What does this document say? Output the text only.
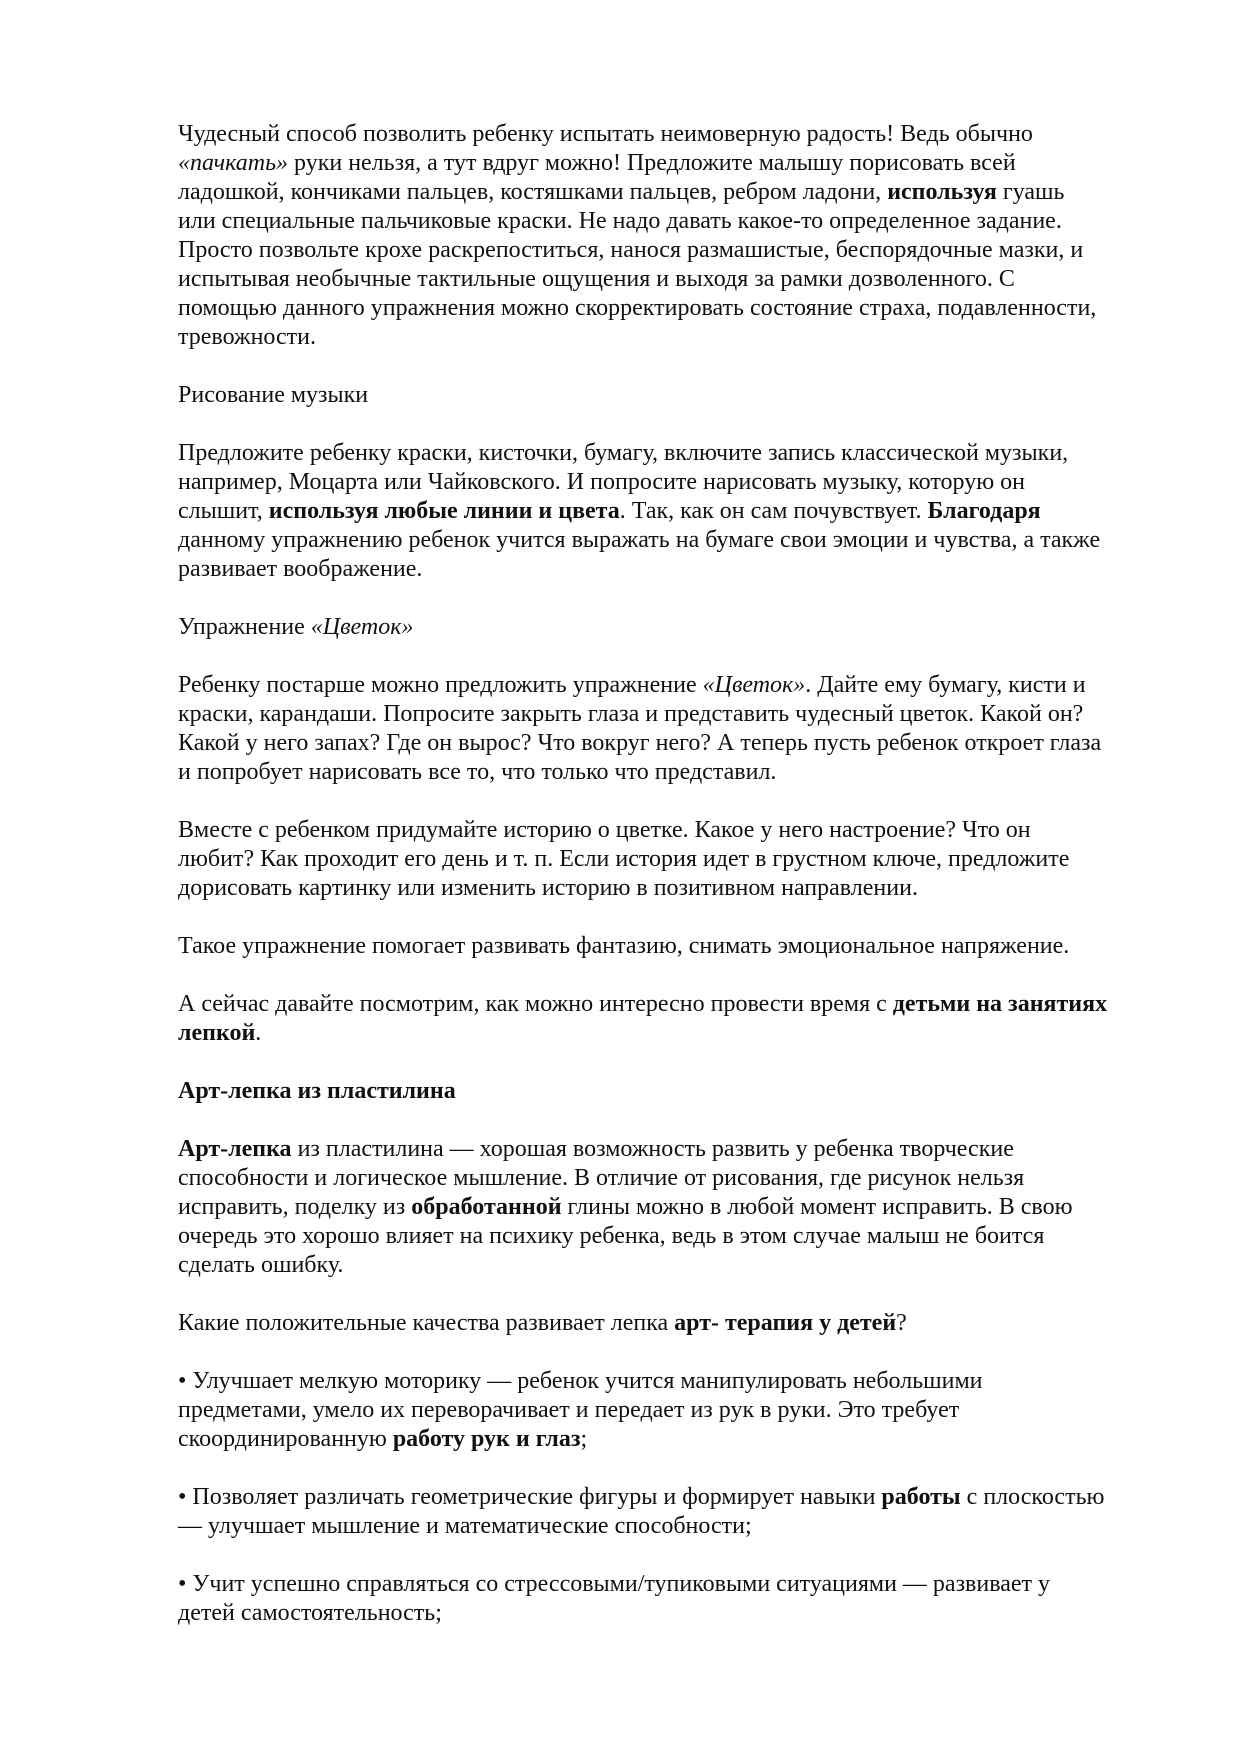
Чудесный способ позволить ребенку испытать неимоверную радость! Ведь обычно
«пачкать» руки нельзя, а тут вдруг можно! Предложите малышу порисовать всей
ладошкой, кончиками пальцев, костяшками пальцев, ребром ладони, используя гуашь
или специальные пальчиковые краски. Не надо давать какое-то определенное задание.
Просто позвольте крохе раскрепоститься, нанося размашистые, беспорядочные мазки, и
испытывая необычные тактильные ощущения и выходя за рамки дозволенного. С
помощью данного упражнения можно скорректировать состояние страха, подавленности,
тревожности.
Рисование музыки
Предложите ребенку краски, кисточки, бумагу, включите запись классической музыки,
например, Моцарта или Чайковского. И попросите нарисовать музыку, которую он
слышит, используя любые линии и цвета. Так, как он сам почувствует. Благодаря
данному упражнению ребенок учится выражать на бумаге свои эмоции и чувства, а также
развивает воображение.
Упражнение «Цветок»
Ребенку постарше можно предложить упражнение «Цветок». Дайте ему бумагу, кисти и
краски, карандаши. Попросите закрыть глаза и представить чудесный цветок. Какой он?
Какой у него запах? Где он вырос? Что вокруг него? А теперь пусть ребенок откроет глаза
и попробует нарисовать все то, что только что представил.
Вместе с ребенком придумайте историю о цветке. Какое у него настроение? Что он
любит? Как проходит его день и т. п. Если история идет в грустном ключе, предложите
дорисовать картинку или изменить историю в позитивном направлении.
Такое упражнение помогает развивать фантазию, снимать эмоциональное напряжение.
А сейчас давайте посмотрим, как можно интересно провести время с детьми на занятиях
лепкой.
Арт-лепка из пластилина
Арт-лепка из пластилина — хорошая возможность развить у ребенка творческие
способности и логическое мышление. В отличие от рисования, где рисунок нельзя
исправить, поделку из обработанной глины можно в любой момент исправить. В свою
очередь это хорошо влияет на психику ребенка, ведь в этом случае малыш не боится
сделать ошибку.
Какие положительные качества развивает лепка арт- терапия у детей?
• Улучшает мелкую моторику — ребенок учится манипулировать небольшими
предметами, умело их переворачивает и передает из рук в руки. Это требует
скоординированную работу рук и глаз;
• Позволяет различать геометрические фигуры и формирует навыки работы с плоскостью
— улучшает мышление и математические способности;
• Учит успешно справляться со стрессовыми/тупиковыми ситуациями — развивает у
детей самостоятельность;
